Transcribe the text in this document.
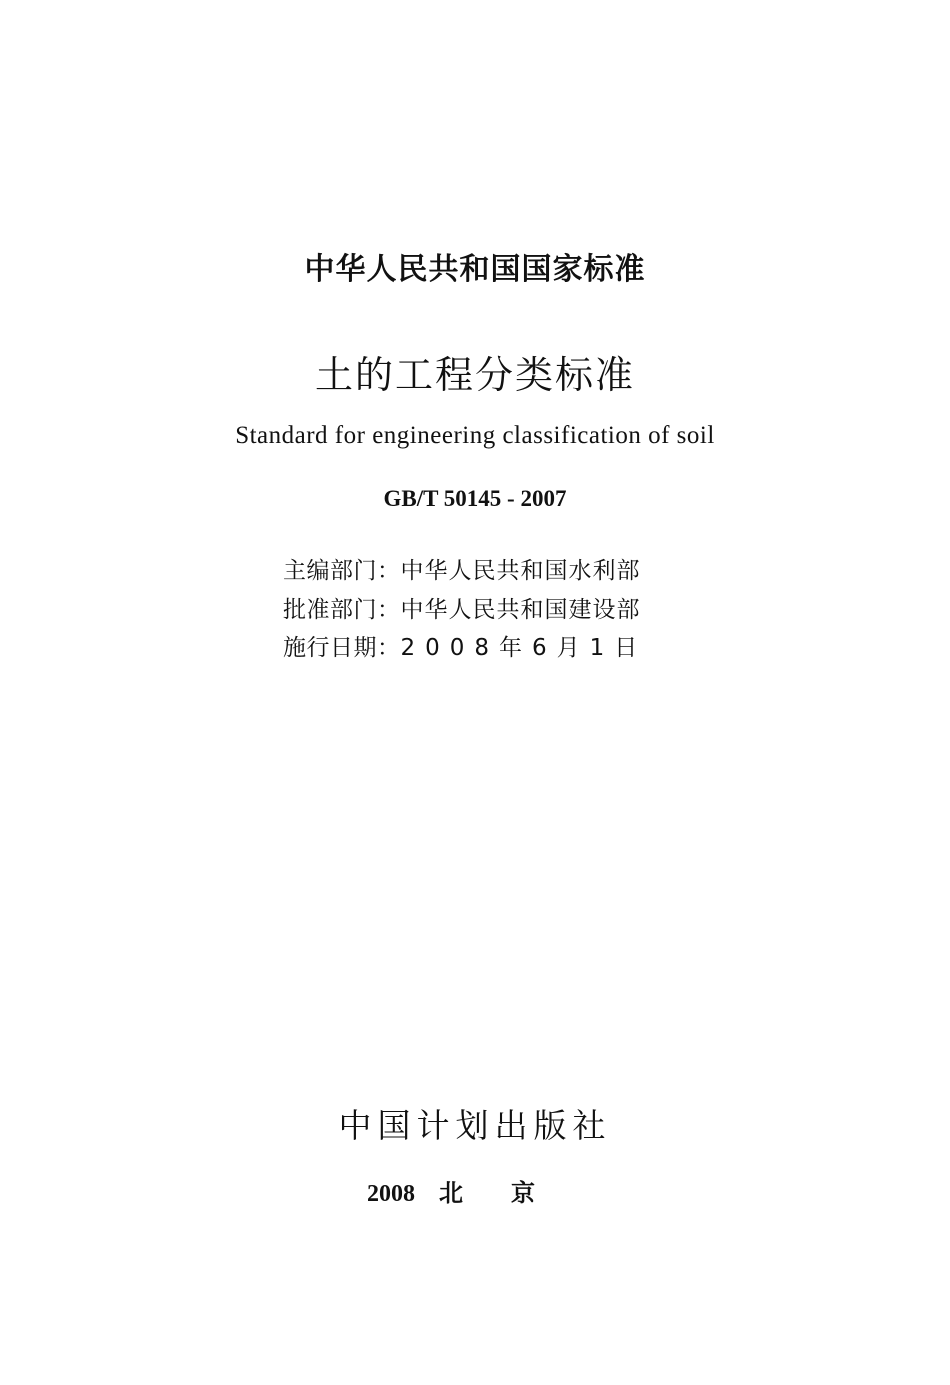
中华人民共和国国家标准
土的工程分类标准
Standard for engineering classification of soil
GB/T 50145 - 2007
主编部门： 中华人民共和国水利部
批准部门： 中华人民共和国建设部
施行日期： 2008年6月1日
中国计划出版社
2008 北京
